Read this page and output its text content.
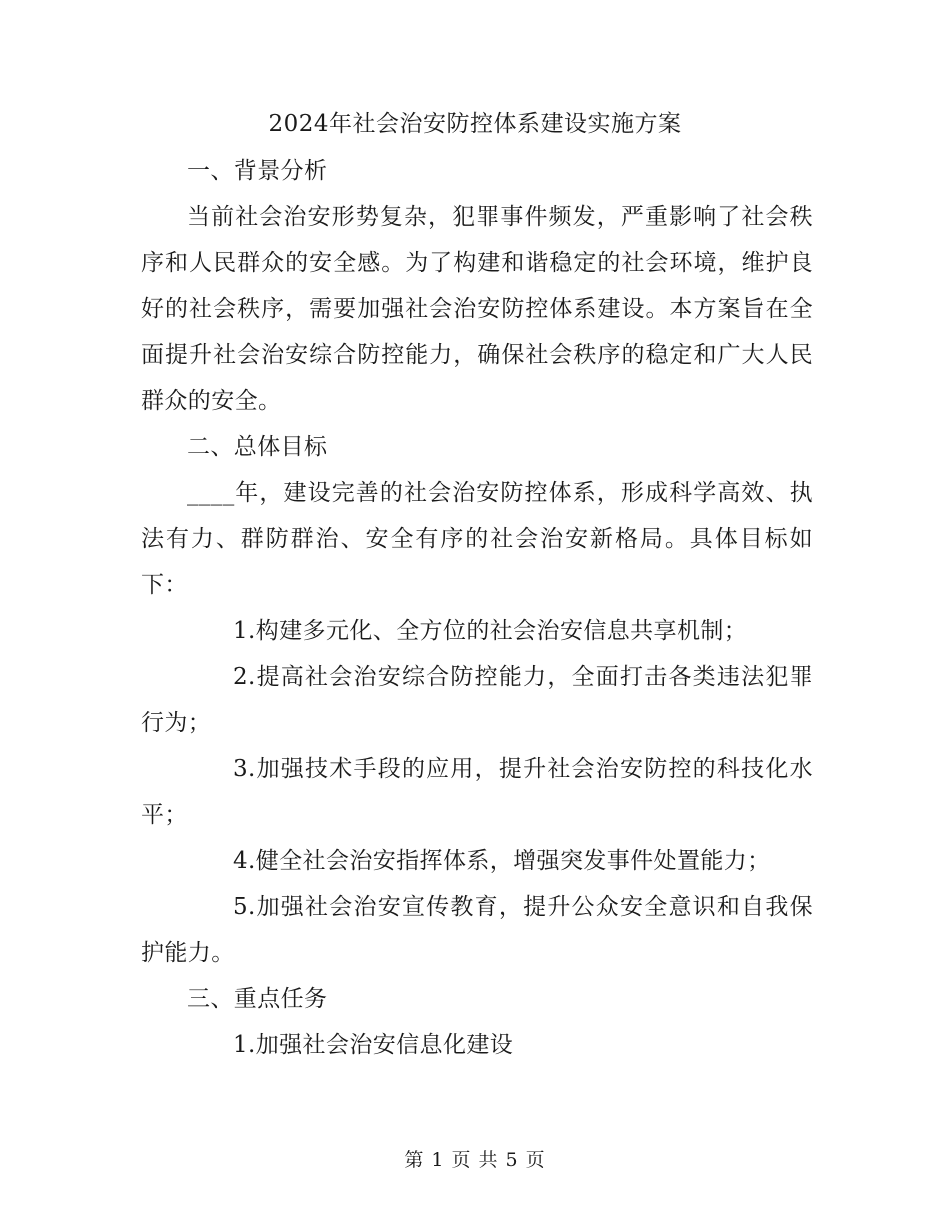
2024年社会治安防控体系建设实施方案

一、背景分析

当前社会治安形势复杂，犯罪事件频发，严重影响了社会秩序和人民群众的安全感。为了构建和谐稳定的社会环境，维护良好的社会秩序，需要加强社会治安防控体系建设。本方案旨在全面提升社会治安综合防控能力，确保社会秩序的稳定和广大人民群众的安全。

二、总体目标

____年，建设完善的社会治安防控体系，形成科学高效、执法有力、群防群治、安全有序的社会治安新格局。具体目标如下：

1.构建多元化、全方位的社会治安信息共享机制；

2.提高社会治安综合防控能力，全面打击各类违法犯罪行为；

3.加强技术手段的应用，提升社会治安防控的科技化水平；

4.健全社会治安指挥体系，增强突发事件处置能力；

5.加强社会治安宣传教育，提升公众安全意识和自我保护能力。

三、重点任务

1.加强社会治安信息化建设

第 1 页 共 5 页
